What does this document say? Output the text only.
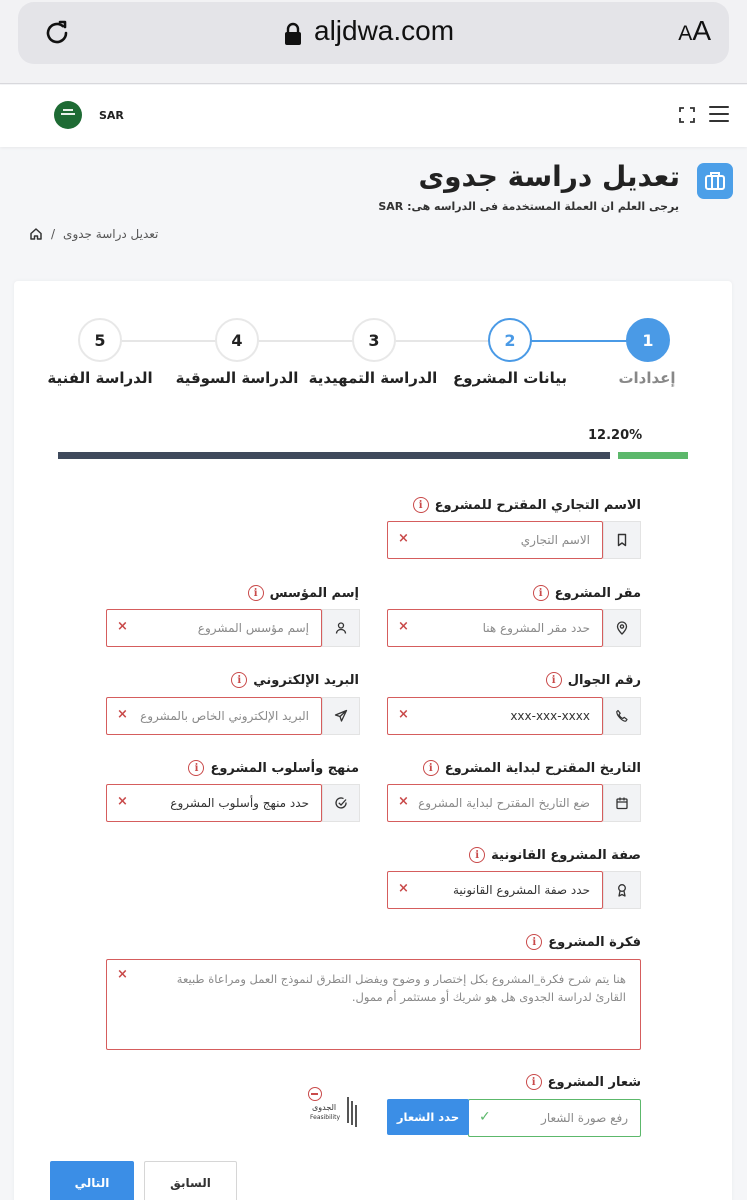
aljdwa.com	AA
SAR
تعديل دراسة جدوى
يرجى العلم ان العملة المستخدمة فى الدراسه هى: SAR
/ تعديل دراسة جدوى
1
2
3
4
5
إعدادات
بيانات المشروع
الدراسة التمهيدية
الدراسة السوقية
الدراسة الفنية
12.20%
الاسم التجاري المقترح للمشروع
i
الاسم التجاري
×
مقر المشروع
i
حدد مقر المشروع هنا
×
إسم المؤسس
i
إسم مؤسس المشروع
×
رقم الجوال
i
xxx-xxx-xxxx
×
البريد الإلكتروني
i
البريد الإلكتروني الخاص بالمشروع
×
التاريخ المقترح لبداية المشروع
i
ضع التاريخ المقترح لبداية المشروع
×
منهج وأسلوب المشروع
i
حدد منهج وأسلوب المشروع
×
صفة المشروع القانونية
i
حدد صفة المشروع القانونية
×
فكرة المشروع
i
هنا يتم شرح فكرة_المشروع بكل إختصار و وضوح ويفضل التطرق لنموذج العمل ومراعاة طبيعة القارئ لدراسة الجدوى هل هو شريك أو مستثمر أم ممول.
×
شعار المشروع
i
رفع صورة الشعار
✓
حدد الشعار
الجدوى
Feasibility
التالي	السابق
